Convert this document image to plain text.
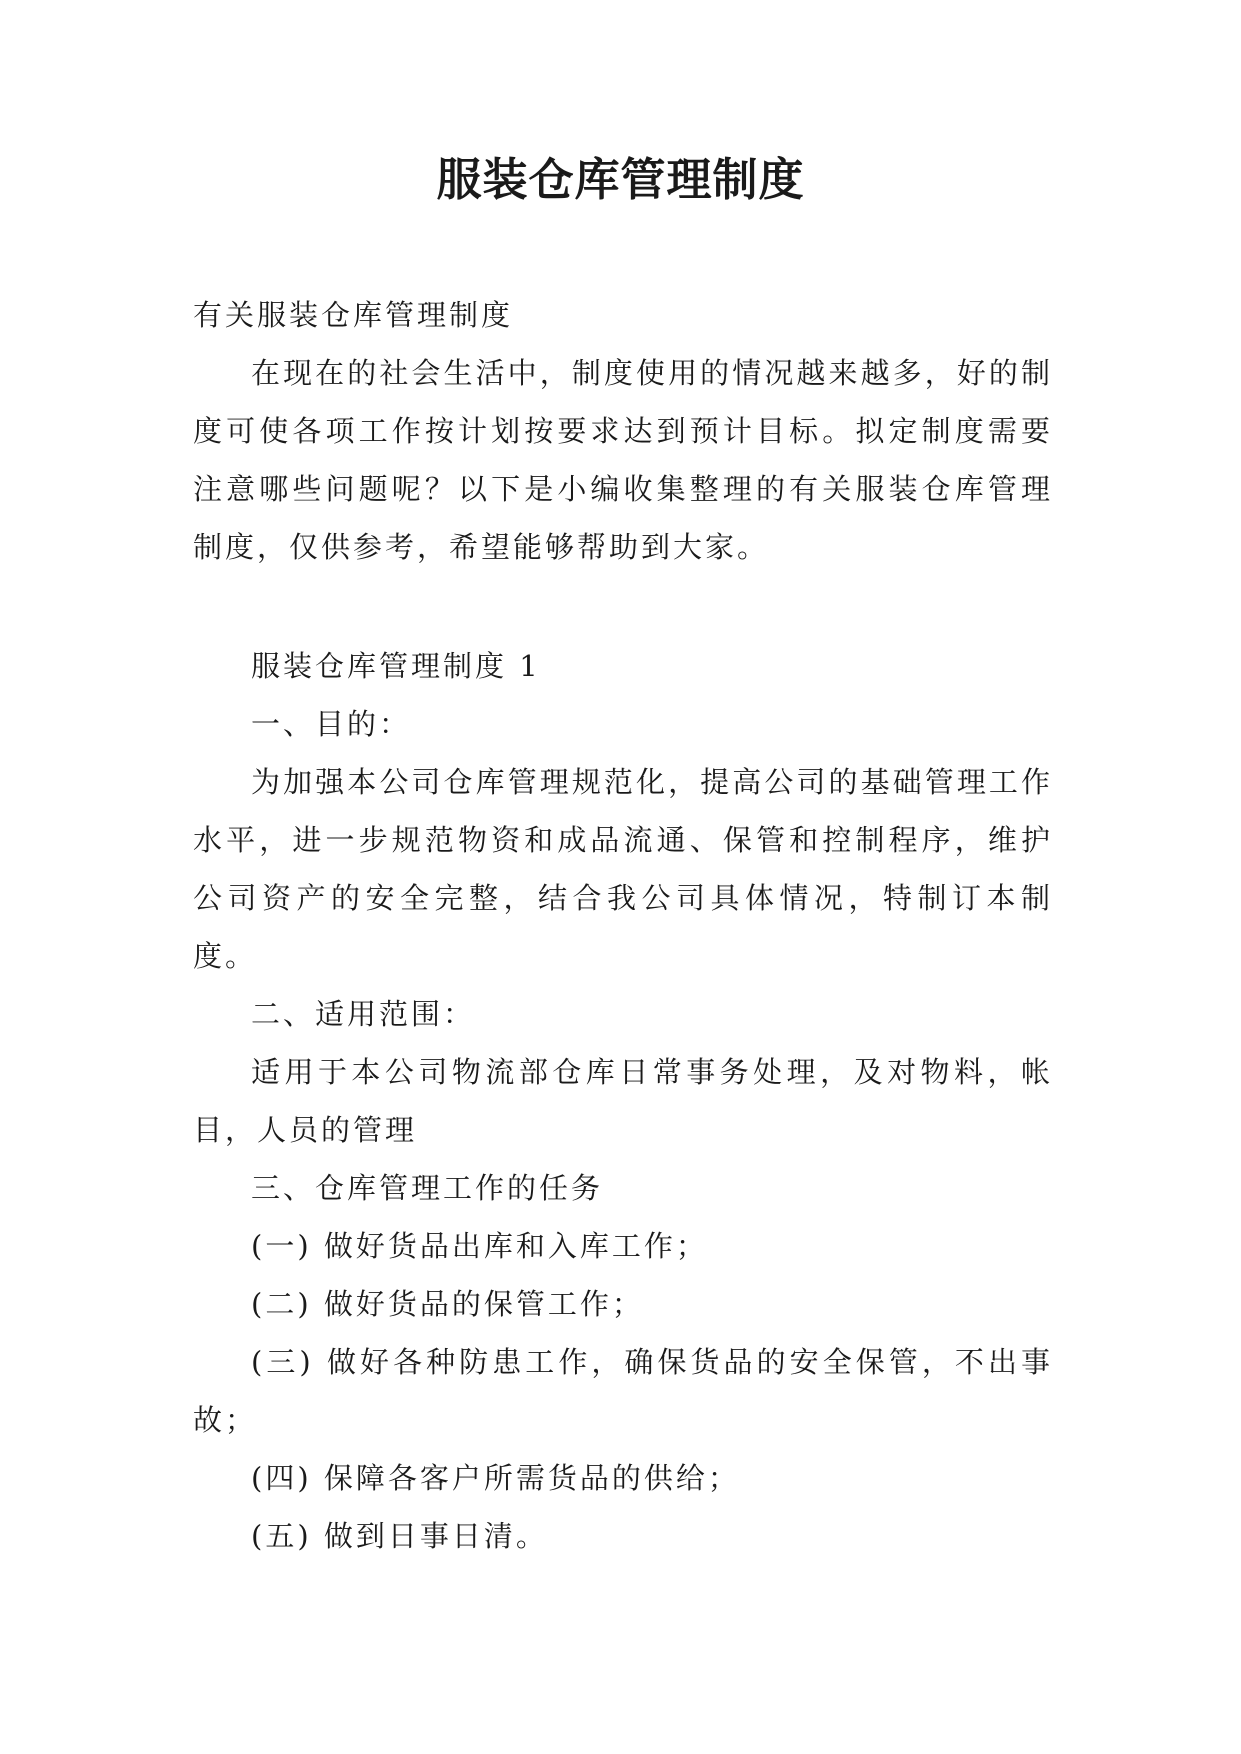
服装仓库管理制度

有关服装仓库管理制度

在现在的社会生活中，制度使用的情况越来越多，好的制度可使各项工作按计划按要求达到预计目标。拟定制度需要注意哪些问题呢？以下是小编收集整理的有关服装仓库管理制度，仅供参考，希望能够帮助到大家。

服装仓库管理制度 1

一、目的：

为加强本公司仓库管理规范化，提高公司的基础管理工作水平，进一步规范物资和成品流通、保管和控制程序，维护公司资产的安全完整，结合我公司具体情况，特制订本制度。

二、适用范围：

适用于本公司物流部仓库日常事务处理，及对物料，帐目，人员的管理

三、仓库管理工作的任务

(一) 做好货品出库和入库工作；

(二) 做好货品的保管工作；

(三) 做好各种防患工作，确保货品的安全保管，不出事故；

(四) 保障各客户所需货品的供给；

(五) 做到日事日清。
